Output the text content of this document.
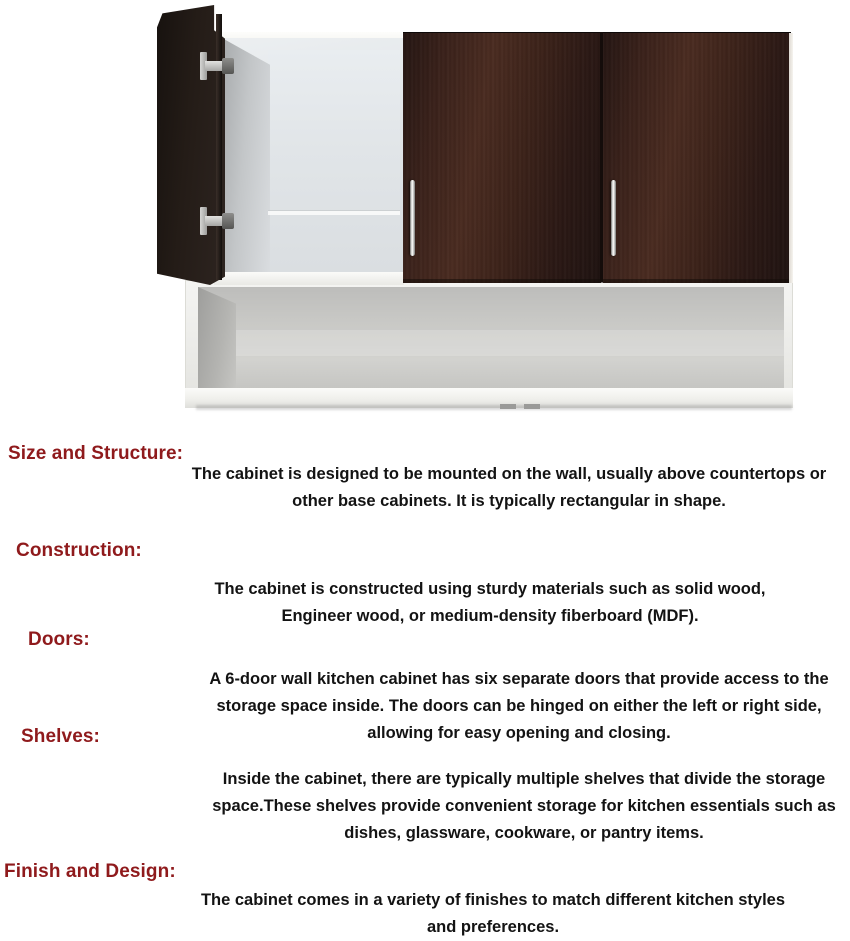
Size and Structure:
The cabinet is designed to be mounted on the wall, usually above countertops or other base cabinets. It is typically rectangular in shape.
Construction:
The cabinet is constructed using sturdy materials such as solid wood, Engineer wood, or medium-density fiberboard (MDF).
Doors:
A 6-door wall kitchen cabinet has six separate doors that provide access to the storage space inside. The doors can be hinged on either the left or right side, allowing for easy opening and closing.
Shelves:
Inside the cabinet, there are typically multiple shelves that divide the storage space.These shelves provide convenient storage for kitchen essentials such as dishes, glassware, cookware, or pantry items.
Finish and Design:
The cabinet comes in a variety of finishes to match different kitchen styles and preferences.
